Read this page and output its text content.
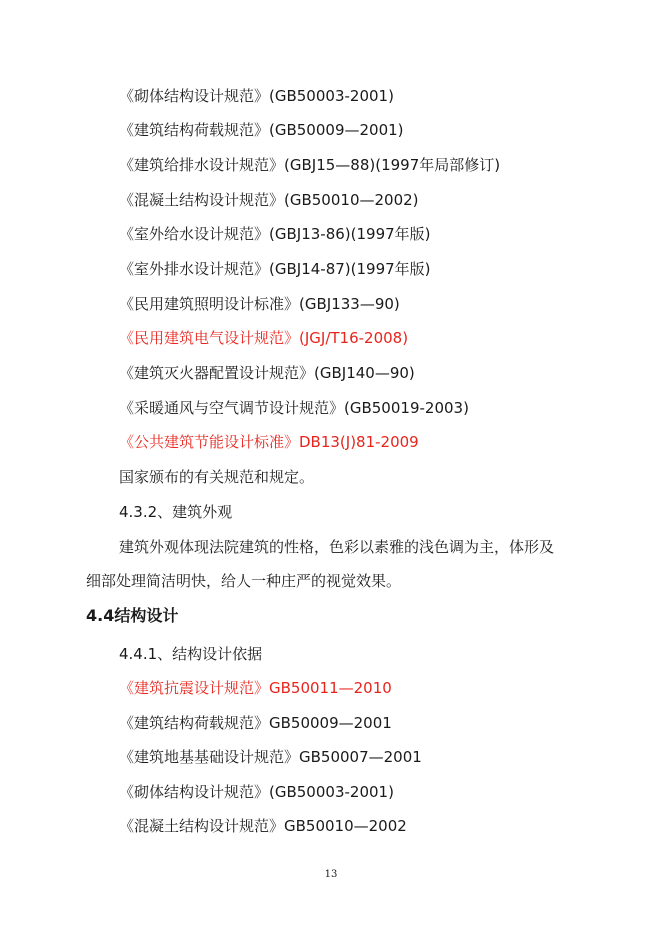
《砌体结构设计规范》(GB50003-2001)
《建筑结构荷载规范》(GB50009—2001)
《建筑给排水设计规范》(GBJ15—88)(1997年局部修订)
《混凝土结构设计规范》(GB50010—2002)
《室外给水设计规范》(GBJ13-86)(1997年版)
《室外排水设计规范》(GBJ14-87)(1997年版)
《民用建筑照明设计标准》(GBJ133—90)
《民用建筑电气设计规范》(JGJ/T16-2008)
《建筑灭火器配置设计规范》(GBJ140—90)
《采暖通风与空气调节设计规范》(GB50019-2003)
《公共建筑节能设计标准》DB13(J)81-2009
国家颁布的有关规范和规定。
4.3.2、建筑外观
建筑外观体现法院建筑的性格，色彩以素雅的浅色调为主，体形及
细部处理简洁明快，给人一种庄严的视觉效果。
4.4结构设计
4.4.1、结构设计依据
《建筑抗震设计规范》GB50011—2010
《建筑结构荷载规范》GB50009—2001
《建筑地基基础设计规范》GB50007—2001
《砌体结构设计规范》(GB50003-2001)
《混凝土结构设计规范》GB50010—2002
13
